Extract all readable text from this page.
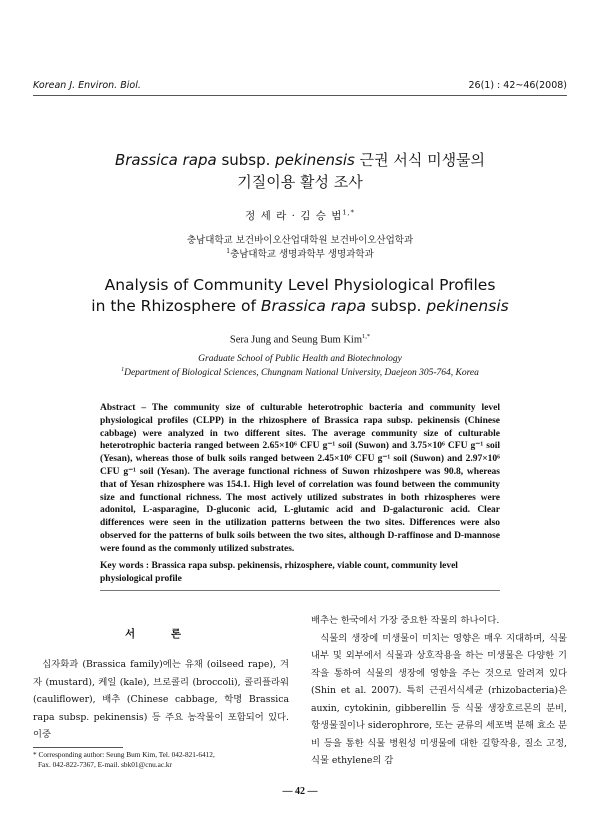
Korean J. Environ. Biol.	26(1) : 42~46(2008)
Brassica rapa subsp. pekinensis 근권 서식 미생물의
기질이용 활성 조사
정 세 라 · 김 승 범$^{1,*}$
충남대학교 보건바이오산업대학원 보건바이오산업학과
$^1$충남대학교 생명과학부 생명과학과
Analysis of Community Level Physiological Profiles
in the Rhizosphere of Brassica rapa subsp. pekinensis
Sera Jung and Seung Bum Kim$^{1,*}$
Graduate School of Public Health and Biotechnology
$^1$Department of Biological Sciences, Chungnam National University, Daejeon 305-764, Korea
Abstract – The community size of culturable heterotrophic bacteria and community level physiological profiles (CLPP) in the rhizosphere of Brassica rapa subsp. pekinensis (Chinese cabbage) were analyzed in two different sites. The average community size of culturable heterotrophic bacteria ranged between 2.65×10⁶ CFU g⁻¹ soil (Suwon) and 3.75×10⁶ CFU g⁻¹ soil (Yesan), whereas those of bulk soils ranged between 2.45×10⁶ CFU g⁻¹ soil (Suwon) and 2.97×10⁶ CFU g⁻¹ soil (Yesan). The average functional richness of Suwon rhizoshpere was 90.8, whereas that of Yesan rhizosphere was 154.1. High level of correlation was found between the community size and functional richness. The most actively utilized substrates in both rhizospheres were adonitol, L-asparagine, D-gluconic acid, L-glutamic acid and D-galacturonic acid. Clear differences were seen in the utilization patterns between the two sites. Differences were also observed for the patterns of bulk soils between the two sites, although D-raffinose and D-mannose were found as the commonly utilized substrates.
Key words : Brassica rapa subsp. pekinensis, rhizosphere, viable count, community level physiological profile
서 론

십자화과 (Brassica family)에는 유채 (oilseed rape), 겨자 (mustard), 케일 (kale), 브로콜리 (broccoli), 콜리플라워 (cauliflower), 배추 (Chinese cabbage, 학명 Brassica rapa subsp. pekinensis) 등 주요 농작물이 포함되어 있다. 이중

* Corresponding author: Seung Bum Kim, Tel. 042-821-6412,
Fax. 042-822-7367, E-mail. sbk01@cnu.ac.kr

배추는 한국에서 가장 중요한 작물의 하나이다.

식물의 생장에 미생물이 미치는 영향은 매우 지대하며, 식물 내부 및 외부에서 식물과 상호작용을 하는 미생물은 다양한 기작을 통하여 식물의 생장에 영향을 주는 것으로 알려져 있다 (Shin et al. 2007). 특히 근권서식세균 (rhizobacteria)은 auxin, cytokinin, gibberellin 등 식물 생장호르몬의 분비, 항생물질이나 siderophrore, 또는 균류의 세포벽 분해 효소 분비 등을 통한 식물 병원성 미생물에 대한 길항작용, 질소 고정, 식물 ethylene의 감

— 42 —
